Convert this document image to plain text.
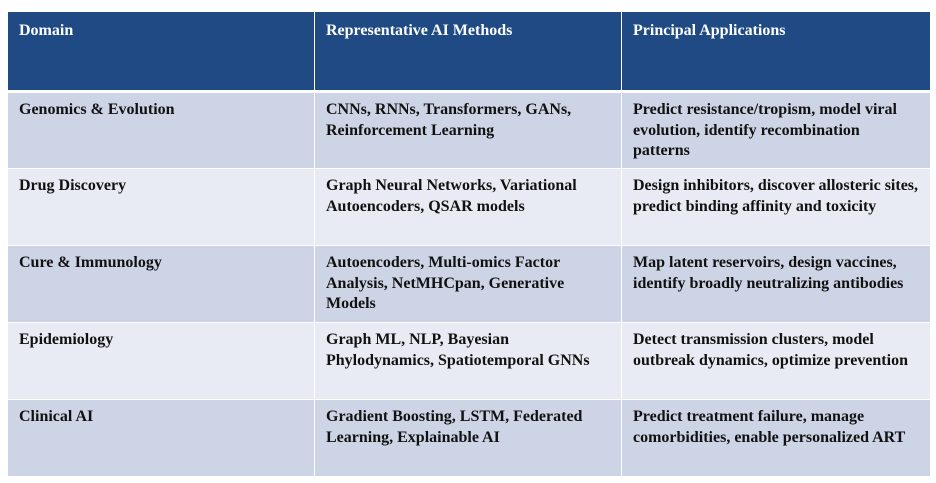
Domain	Representative AI Methods	Principal Applications
Genomics & Evolution	CNNs, RNNs, Transformers, GANs, Reinforcement Learning	Predict resistance/tropism, model viral evolution, identify recombination patterns
Drug Discovery	Graph Neural Networks, Variational Autoencoders, QSAR models	Design inhibitors, discover allosteric sites, predict binding affinity and toxicity
Cure & Immunology	Autoencoders, Multi-omics Factor Analysis, NetMHCpan, Generative Models	Map latent reservoirs, design vaccines, identify broadly neutralizing antibodies
Epidemiology	Graph ML, NLP, Bayesian Phylodynamics, Spatiotemporal GNNs	Detect transmission clusters, model outbreak dynamics, optimize prevention
Clinical AI	Gradient Boosting, LSTM, Federated Learning, Explainable AI	Predict treatment failure, manage comorbidities, enable personalized ART
